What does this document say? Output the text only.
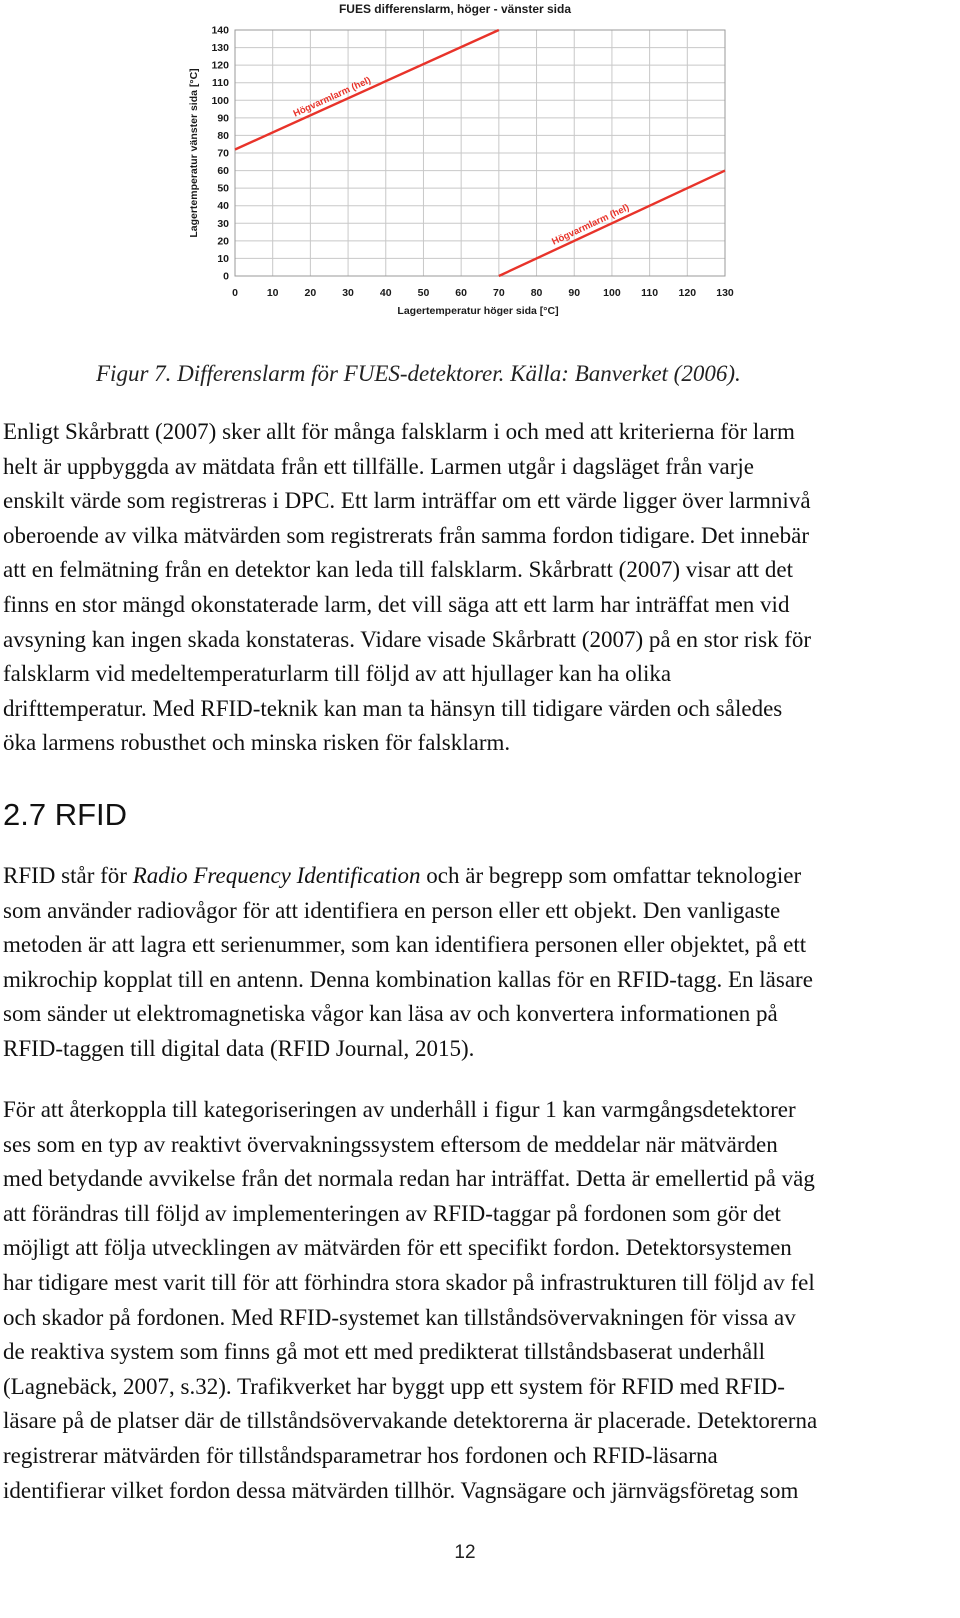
FUES differenslarm, höger - vänster sida
0
10
20
30
40
50
60
70
80
90
100
110
120
130
140
0	10 20 30 40 50 60 70 80 90 100 110 120 130
Lagertemperatur vänster sida [°C]
Lagertemperatur höger sida [°C]
Högvarmlarm (hel)
Högvarmlarm (hel)
Figur 7. Differenslarm för FUES-detektorer. Källa: Banverket (2006).

Enligt Skårbratt (2007) sker allt för många falsklarm i och med att kriterierna för larm
helt är uppbyggda av mätdata från ett tillfälle. Larmen utgår i dagsläget från varje
enskilt värde som registreras i DPC. Ett larm inträffar om ett värde ligger över larmnivå
oberoende av vilka mätvärden som registrerats från samma fordon tidigare. Det innebär
att en felmätning från en detektor kan leda till falsklarm. Skårbratt (2007) visar att det
finns en stor mängd okonstaterade larm, det vill säga att ett larm har inträffat men vid
avsyning kan ingen skada konstateras. Vidare visade Skårbratt (2007) på en stor risk för
falsklarm vid medeltemperaturlarm till följd av att hjullager kan ha olika
drifttemperatur. Med RFID-teknik kan man ta hänsyn till tidigare värden och således
öka larmens robusthet och minska risken för falsklarm.

2.7 RFID

RFID står för Radio Frequency Identification och är begrepp som omfattar teknologier
som använder radiovågor för att identifiera en person eller ett objekt. Den vanligaste
metoden är att lagra ett serienummer, som kan identifiera personen eller objektet, på ett
mikrochip kopplat till en antenn. Denna kombination kallas för en RFID-tagg. En läsare
som sänder ut elektromagnetiska vågor kan läsa av och konvertera informationen på
RFID-taggen till digital data (RFID Journal, 2015).

För att återkoppla till kategoriseringen av underhåll i figur 1 kan varmgångsdetektorer
ses som en typ av reaktivt övervakningssystem eftersom de meddelar när mätvärden
med betydande avvikelse från det normala redan har inträffat. Detta är emellertid på väg
att förändras till följd av implementeringen av RFID-taggar på fordonen som gör det
möjligt att följa utvecklingen av mätvärden för ett specifikt fordon. Detektorsystemen
har tidigare mest varit till för att förhindra stora skador på infrastrukturen till följd av fel
och skador på fordonen. Med RFID-systemet kan tillståndsövervakningen för vissa av
de reaktiva system som finns gå mot ett med predikterat tillståndsbaserat underhåll
(Lagnebäck, 2007, s.32). Trafikverket har byggt upp ett system för RFID med RFID-
läsare på de platser där de tillståndsövervakande detektorerna är placerade. Detektorerna
registrerar mätvärden för tillståndsparametrar hos fordonen och RFID-läsarna
identifierar vilket fordon dessa mätvärden tillhör. Vagnsägare och järnvägsföretag som

12
